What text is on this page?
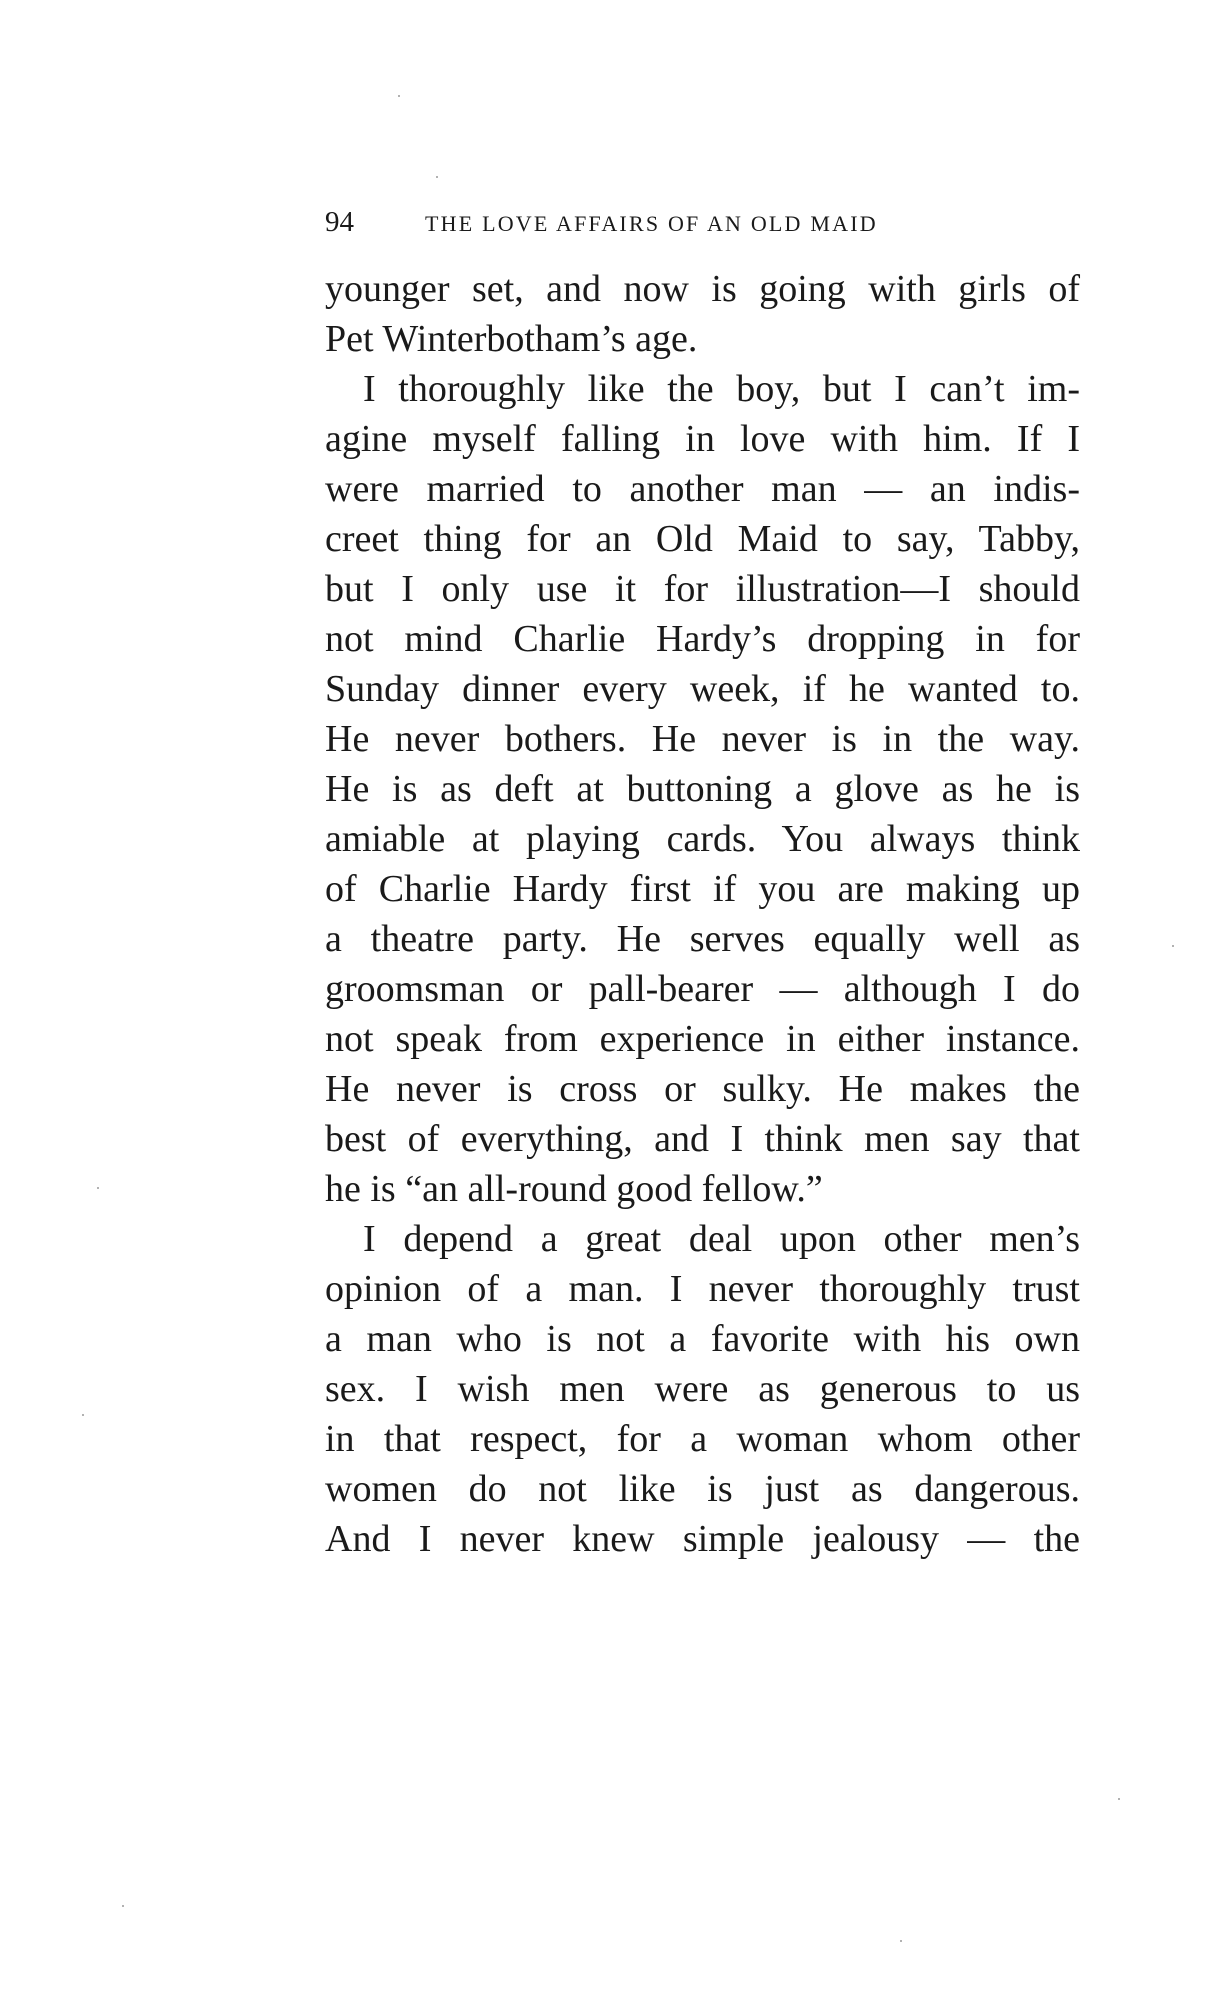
94	THE LOVE AFFAIRS OF AN OLD MAID
younger set, and now is going with girls of
Pet Winterbotham’s age.
I thoroughly like the boy, but I can’t im-
agine myself falling in love with him. If I
were married to another man — an indis-
creet thing for an Old Maid to say, Tabby,
but I only use it for illustration—I should
not mind Charlie Hardy’s dropping in for
Sunday dinner every week, if he wanted to.
He never bothers. He never is in the way.
He is as deft at buttoning a glove as he is
amiable at playing cards. You always think
of Charlie Hardy first if you are making up
a theatre party. He serves equally well as
groomsman or pall-bearer — although I do
not speak from experience in either instance.
He never is cross or sulky. He makes the
best of everything, and I think men say that
he is “an all-round good fellow.”
I depend a great deal upon other men’s
opinion of a man. I never thoroughly trust
a man who is not a favorite with his own
sex. I wish men were as generous to us
in that respect, for a woman whom other
women do not like is just as dangerous.
And I never knew simple jealousy — the
